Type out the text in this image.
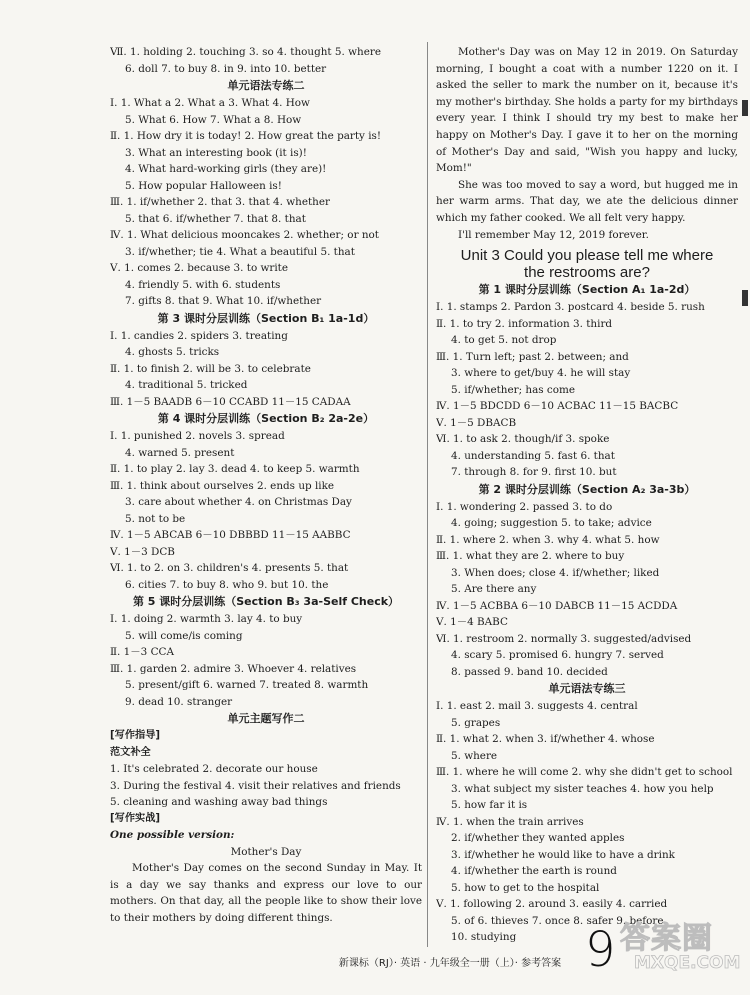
Ⅶ. 1. holding 2. touching 3. so 4. thought 5. where
6. doll 7. to buy 8. in 9. into 10. better
单元语法专练二
Ⅰ. 1. What a 2. What a 3. What 4. How
5. What 6. How 7. What a 8. How
Ⅱ. 1. How dry it is today! 2. How great the party is!
3. What an interesting book (it is)!
4. What hard-working girls (they are)!
5. How popular Halloween is!
Ⅲ. 1. if/whether 2. that 3. that 4. whether
5. that 6. if/whether 7. that 8. that
Ⅳ. 1. What delicious mooncakes 2. whether; or not
3. if/whether; tie 4. What a beautiful 5. that
Ⅴ. 1. comes 2. because 3. to write
4. friendly 5. with 6. students
7. gifts 8. that 9. What 10. if/whether
第 3 课时分层训练（Section B₁ 1a-1d）
Ⅰ. 1. candies 2. spiders 3. treating
4. ghosts 5. tricks
Ⅱ. 1. to finish 2. will be 3. to celebrate
4. traditional 5. tricked
Ⅲ. 1－5 BAADB 6－10 CCABD 11－15 CADAA
第 4 课时分层训练（Section B₂ 2a-2e）
Ⅰ. 1. punished 2. novels 3. spread
4. warned 5. present
Ⅱ. 1. to play 2. lay 3. dead 4. to keep 5. warmth
Ⅲ. 1. think about ourselves 2. ends up like
3. care about whether 4. on Christmas Day
5. not to be
Ⅳ. 1－5 ABCAB 6－10 DBBBD 11－15 AABBC
Ⅴ. 1－3 DCB
Ⅵ. 1. to 2. on 3. children's 4. presents 5. that
6. cities 7. to buy 8. who 9. but 10. the
第 5 课时分层训练（Section B₃ 3a-Self Check）
Ⅰ. 1. doing 2. warmth 3. lay 4. to buy
5. will come/is coming
Ⅱ. 1－3 CCA
Ⅲ. 1. garden 2. admire 3. Whoever 4. relatives
5. present/gift 6. warned 7. treated 8. warmth
9. dead 10. stranger
单元主题写作二
[写作指导]
范文补全
1. It's celebrated 2. decorate our house
3. During the festival 4. visit their relatives and friends
5. cleaning and washing away bad things
[写作实战]
One possible version:
Mother's Day
Mother's Day comes on the second Sunday in May. It is a day we say thanks and express our love to our mothers. On that day, all the people like to show their love to their mothers by doing different things.
Mother's Day was on May 12 in 2019. On Saturday morning, I bought a coat with a number 1220 on it. I asked the seller to mark the number on it, because it's my mother's birthday. She holds a party for my birthdays every year. I think I should try my best to make her happy on Mother's Day. I gave it to her on the morning of Mother's Day and said, "Wish you happy and lucky, Mom!"
She was too moved to say a word, but hugged me in her warm arms. That day, we ate the delicious dinner which my father cooked. We all felt very happy.
I'll remember May 12, 2019 forever.
Unit 3 Could you please tell me where
the restrooms are?
第 1 课时分层训练（Section A₁ 1a-2d）
Ⅰ. 1. stamps 2. Pardon 3. postcard 4. beside 5. rush
Ⅱ. 1. to try 2. information 3. third
4. to get 5. not drop
Ⅲ. 1. Turn left; past 2. between; and
3. where to get/buy 4. he will stay
5. if/whether; has come
Ⅳ. 1－5 BDCDD 6－10 ACBAC 11－15 BACBC
Ⅴ. 1－5 DBACB
Ⅵ. 1. to ask 2. though/if 3. spoke
4. understanding 5. fast 6. that
7. through 8. for 9. first 10. but
第 2 课时分层训练（Section A₂ 3a-3b）
Ⅰ. 1. wondering 2. passed 3. to do
4. going; suggestion 5. to take; advice
Ⅱ. 1. where 2. when 3. why 4. what 5. how
Ⅲ. 1. what they are 2. where to buy
3. When does; close 4. if/whether; liked
5. Are there any
Ⅳ. 1－5 ACBBA 6－10 DABCB 11－15 ACDDA
Ⅴ. 1－4 BABC
Ⅵ. 1. restroom 2. normally 3. suggested/advised
4. scary 5. promised 6. hungry 7. served
8. passed 9. band 10. decided
单元语法专练三
Ⅰ. 1. east 2. mail 3. suggests 4. central
5. grapes
Ⅱ. 1. what 2. when 3. if/whether 4. whose
5. where
Ⅲ. 1. where he will come 2. why she didn't get to school
3. what subject my sister teaches 4. how you help
5. how far it is
Ⅳ. 1. when the train arrives
2. if/whether they wanted apples
3. if/whether he would like to have a drink
4. if/whether the earth is round
5. how to get to the hospital
Ⅴ. 1. following 2. around 3. easily 4. carried
5. of 6. thieves 7. once 8. safer 9. before
10. studying	9 答案圈
MXQE.COM
新课标（RJ）· 英语 · 九年级全一册（上）· 参考答案
